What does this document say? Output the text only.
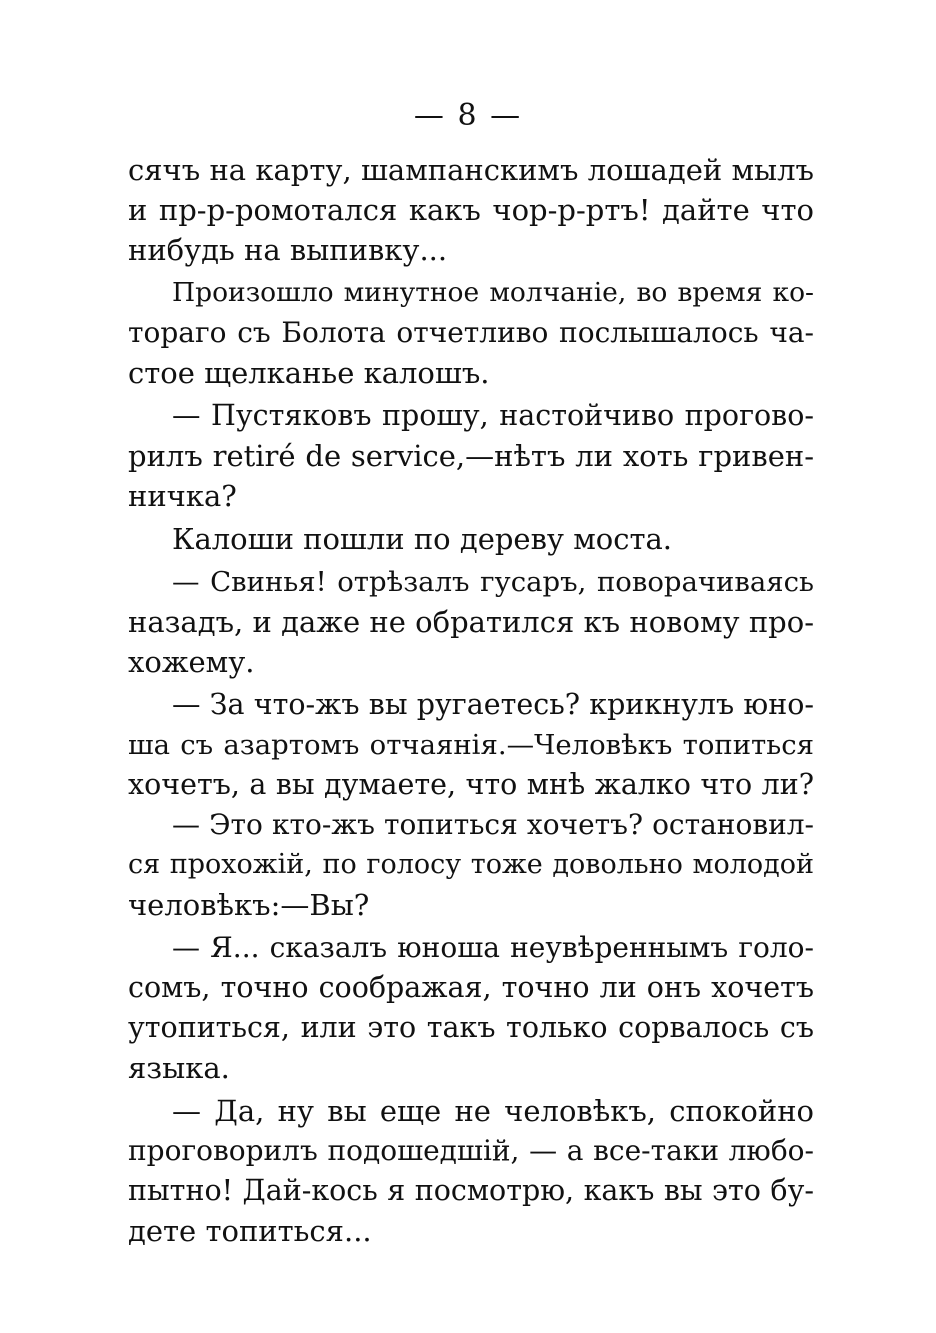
— 8 —
сячъ на карту, шампанскимъ лошадей мылъ
и пр-р-ромотался какъ чор-р-ртъ! дайте что
нибудь на выпивку...
Произошло минутное молчаніе, во время ко-
тораго съ Болота отчетливо послышалось ча-
стое щелканье калошъ.
— Пустяковъ прошу, настойчиво прогово-
рилъ retiré de service,—нѣтъ ли хоть гривен-
ничка?
Калоши пошли по дереву моста.
— Свинья! отрѣзалъ гусаръ, поворачиваясь
назадъ, и даже не обратился къ новому про-
хожему.
— За что-жъ вы ругаетесь? крикнулъ юно-
ша съ азартомъ отчаянія.—Человѣкъ топиться
хочетъ, а вы думаете, что мнѣ жалко что ли?
— Это кто-жъ топиться хочетъ? остановил-
ся прохожій, по голосу тоже довольно молодой
человѣкъ:—Вы?
— Я... сказалъ юноша неувѣреннымъ голо-
сомъ, точно соображая, точно ли онъ хочетъ
утопиться, или это такъ только сорвалось съ
языка.
— Да, ну вы еще не человѣкъ, спокойно
проговорилъ подошедшій, — а все-таки любо-
пытно! Дай-кось я посмотрю, какъ вы это бу-
дете топиться...
